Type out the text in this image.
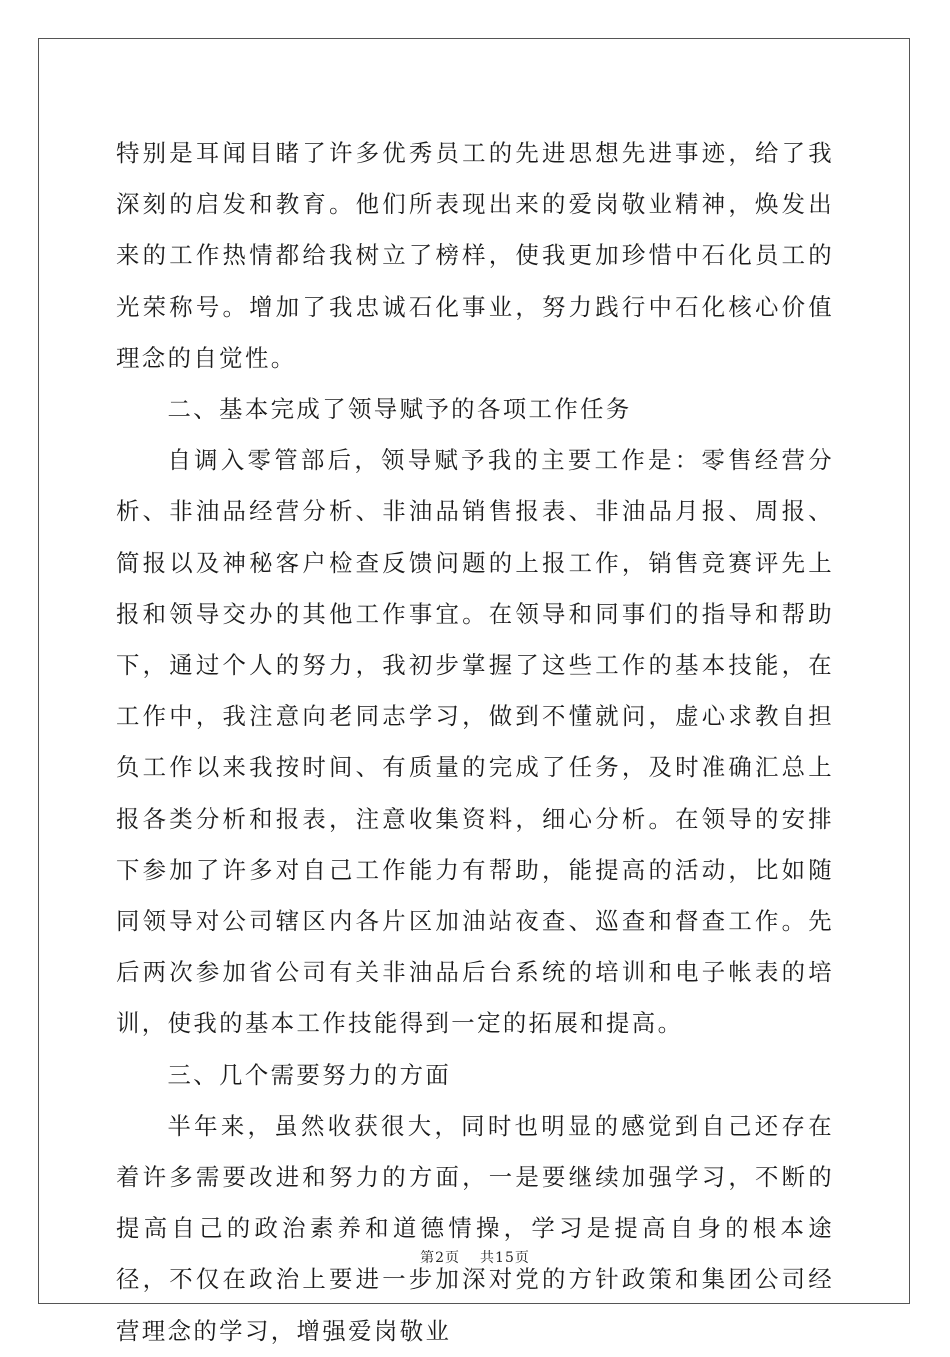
特别是耳闻目睹了许多优秀员工的先进思想先进事迹，给了我深刻的启发和教育。他们所表现出来的爱岗敬业精神，焕发出来的工作热情都给我树立了榜样，使我更加珍惜中石化员工的光荣称号。增加了我忠诚石化事业，努力践行中石化核心价值理念的自觉性。

二、基本完成了领导赋予的各项工作任务

自调入零管部后，领导赋予我的主要工作是：零售经营分析、非油品经营分析、非油品销售报表、非油品月报、周报、简报以及神秘客户检查反馈问题的上报工作，销售竞赛评先上报和领导交办的其他工作事宜。在领导和同事们的指导和帮助下，通过个人的努力，我初步掌握了这些工作的基本技能，在工作中，我注意向老同志学习，做到不懂就问，虚心求教自担负工作以来我按时间、有质量的完成了任务，及时准确汇总上报各类分析和报表，注意收集资料，细心分析。在领导的安排下参加了许多对自己工作能力有帮助，能提高的活动，比如随同领导对公司辖区内各片区加油站夜查、巡查和督查工作。先后两次参加省公司有关非油品后台系统的培训和电子帐表的培训，使我的基本工作技能得到一定的拓展和提高。

三、几个需要努力的方面

半年来，虽然收获很大，同时也明显的感觉到自己还存在着许多需要改进和努力的方面，一是要继续加强学习，不断的提高自己的政治素养和道德情操，学习是提高自身的根本途径，不仅在政治上要进一步加深对党的方针政策和集团公司经营理念的学习，增强爱岗敬业

第2页 共15页
